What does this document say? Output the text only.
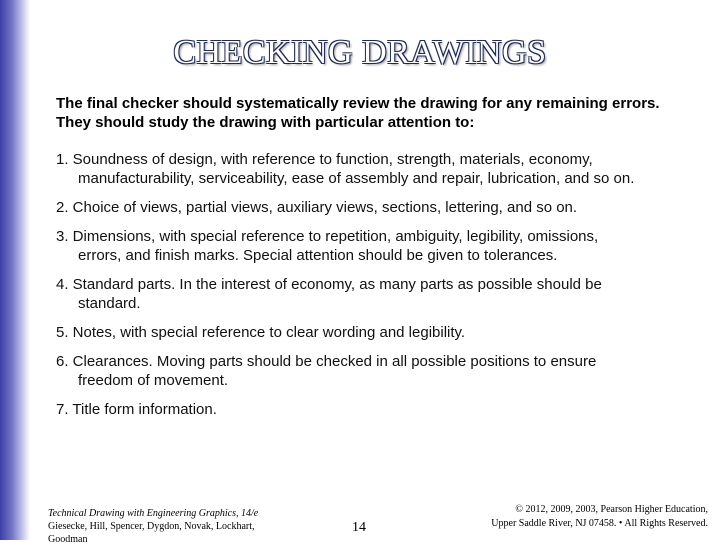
CHECKING DRAWINGS
The final checker should systematically review the drawing for any remaining errors. They should study the drawing with particular attention to:
1. Soundness of design, with reference to function, strength, materials, economy,
manufacturability, serviceability, ease of assembly and repair, lubrication, and so on.
2. Choice of views, partial views, auxiliary views, sections, lettering, and so on.
3. Dimensions, with special reference to repetition, ambiguity, legibility, omissions,
errors, and finish marks. Special attention should be given to tolerances.
4. Standard parts. In the interest of economy, as many parts as possible should be
standard.
5. Notes, with special reference to clear wording and legibility.
6. Clearances. Moving parts should be checked in all possible positions to ensure
freedom of movement.
7. Title form information.
Technical Drawing with Engineering Graphics, 14/e
Giesecke, Hill, Spencer, Dygdon, Novak, Lockhart, Goodman
14
© 2012, 2009, 2003, Pearson Higher Education,
Upper Saddle River, NJ 07458. • All Rights Reserved.
